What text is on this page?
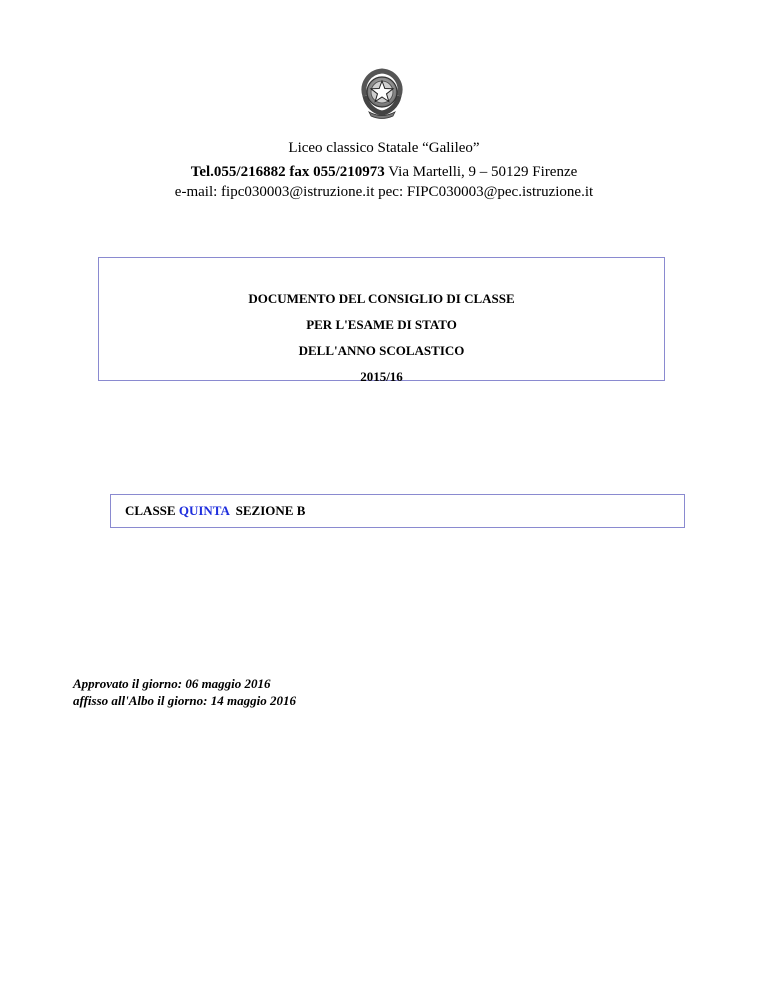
Liceo classico Statale “Galileo”
Tel.055/216882 fax 055/210973 Via Martelli, 9 – 50129 Firenze
e-mail: fipc030003@istruzione.it pec: FIPC030003@pec.istruzione.it
DOCUMENTO DEL CONSIGLIO DI CLASSE
PER L'ESAME DI STATO
DELL'ANNO SCOLASTICO
2015/16
CLASSE QUINTA  SEZIONE B
Approvato il giorno: 06 maggio 2016
affisso all'Albo il giorno: 14 maggio 2016
